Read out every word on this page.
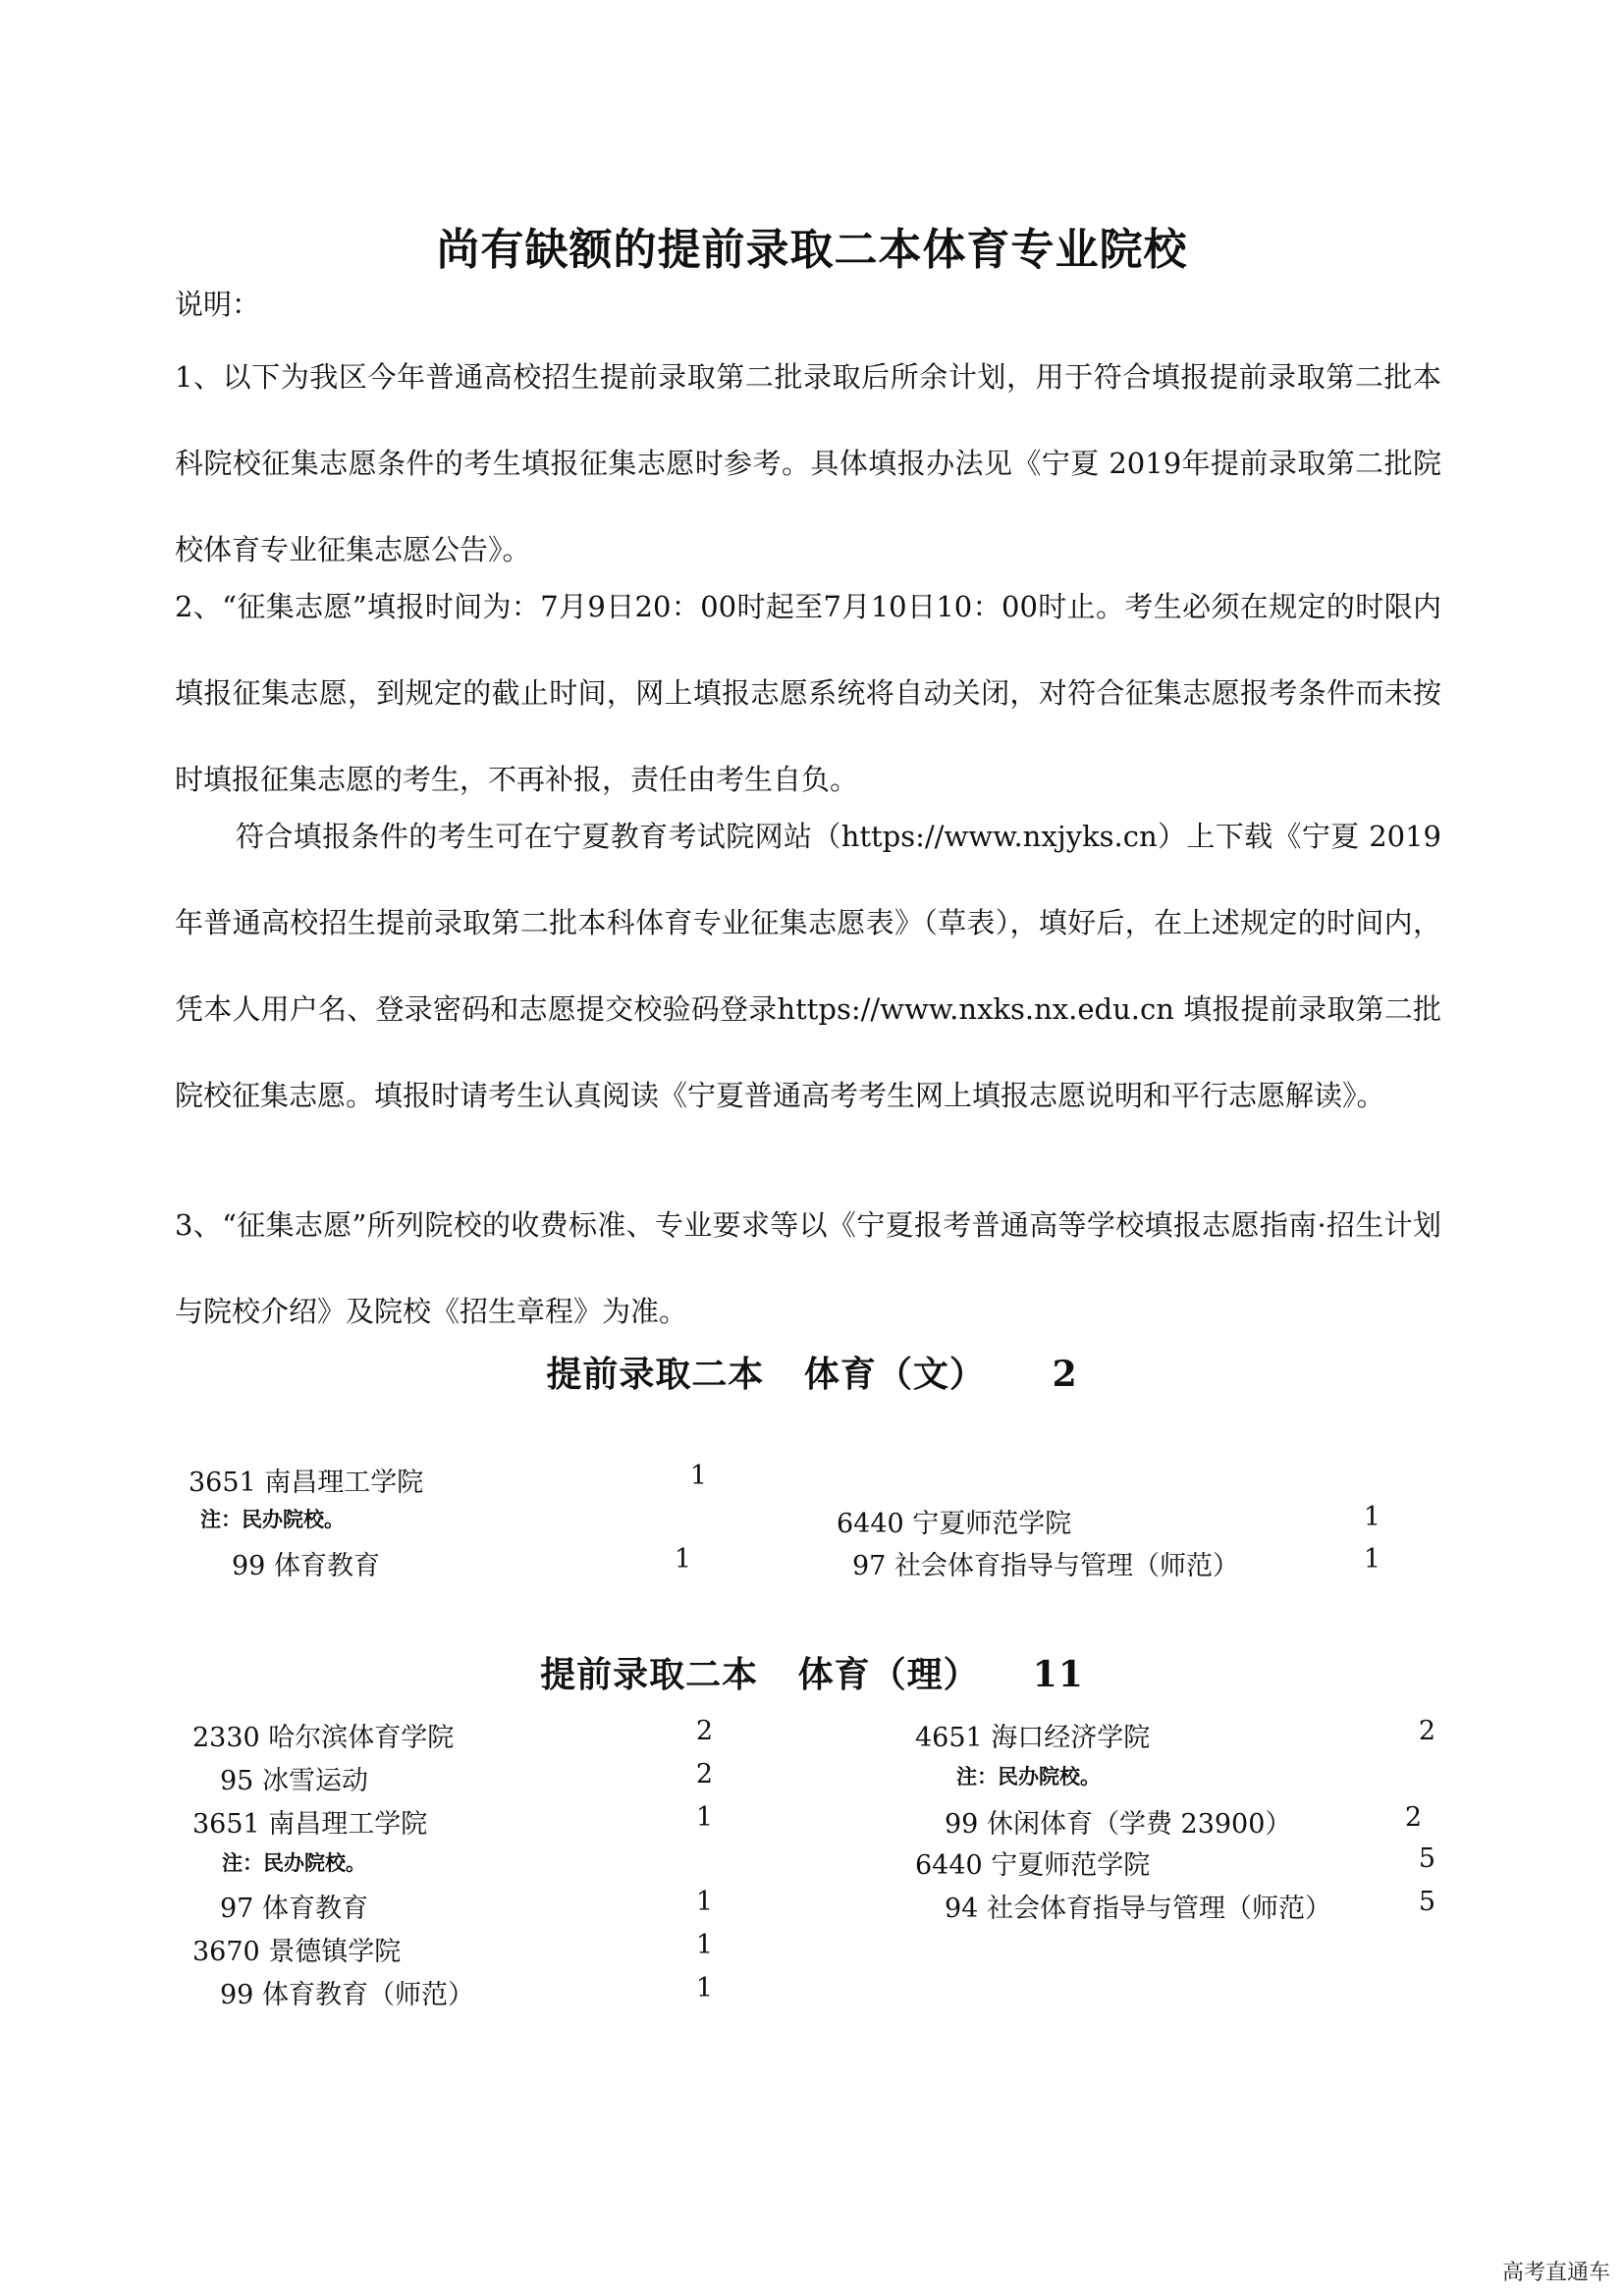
尚有缺额的提前录取二本体育专业院校
说明：
1、以下为我区今年普通高校招生提前录取第二批录取后所余计划，用于符合填报提前录取第二批本科院校征集志愿条件的考生填报征集志愿时参考。具体填报办法见《宁夏 2019年提前录取第二批院校体育专业征集志愿公告》。
2、“征集志愿”填报时间为：7月9日20：00时起至7月10日10：00时止。考生必须在规定的时限内填报征集志愿，到规定的截止时间，网上填报志愿系统将自动关闭，对符合征集志愿报考条件而未按时填报征集志愿的考生，不再补报，责任由考生自负。
符合填报条件的考生可在宁夏教育考试院网站（https://www.nxjyks.cn）上下载《宁夏 2019 年普通高校招生提前录取第二批本科体育专业征集志愿表》（草表），填好后，在上述规定的时间内，凭本人用户名、登录密码和志愿提交校验码登录https://www.nxks.nx.edu.cn 填报提前录取第二批院校征集志愿。填报时请考生认真阅读《宁夏普通高考考生网上填报志愿说明和平行志愿解读》。
3、“征集志愿”所列院校的收费标准、专业要求等以《宁夏报考普通高等学校填报志愿指南·招生计划与院校介绍》及院校《招生章程》为准。
提前录取二本   体育（文）     2
3651 南昌理工学院	1
注：民办院校。
99 体育教育	1
6440 宁夏师范学院	1
97 社会体育指导与管理（师范）	1
提前录取二本   体育（理）    11
2330 哈尔滨体育学院	2
95 冰雪运动	2
3651 南昌理工学院	1
注：民办院校。
97 体育教育	1
3670 景德镇学院	1
99 体育教育（师范）	1
4651 海口经济学院	2
注：民办院校。
99 休闲体育（学费 23900）	2
6440 宁夏师范学院	5
94 社会体育指导与管理（师范）	5
高考直通车
